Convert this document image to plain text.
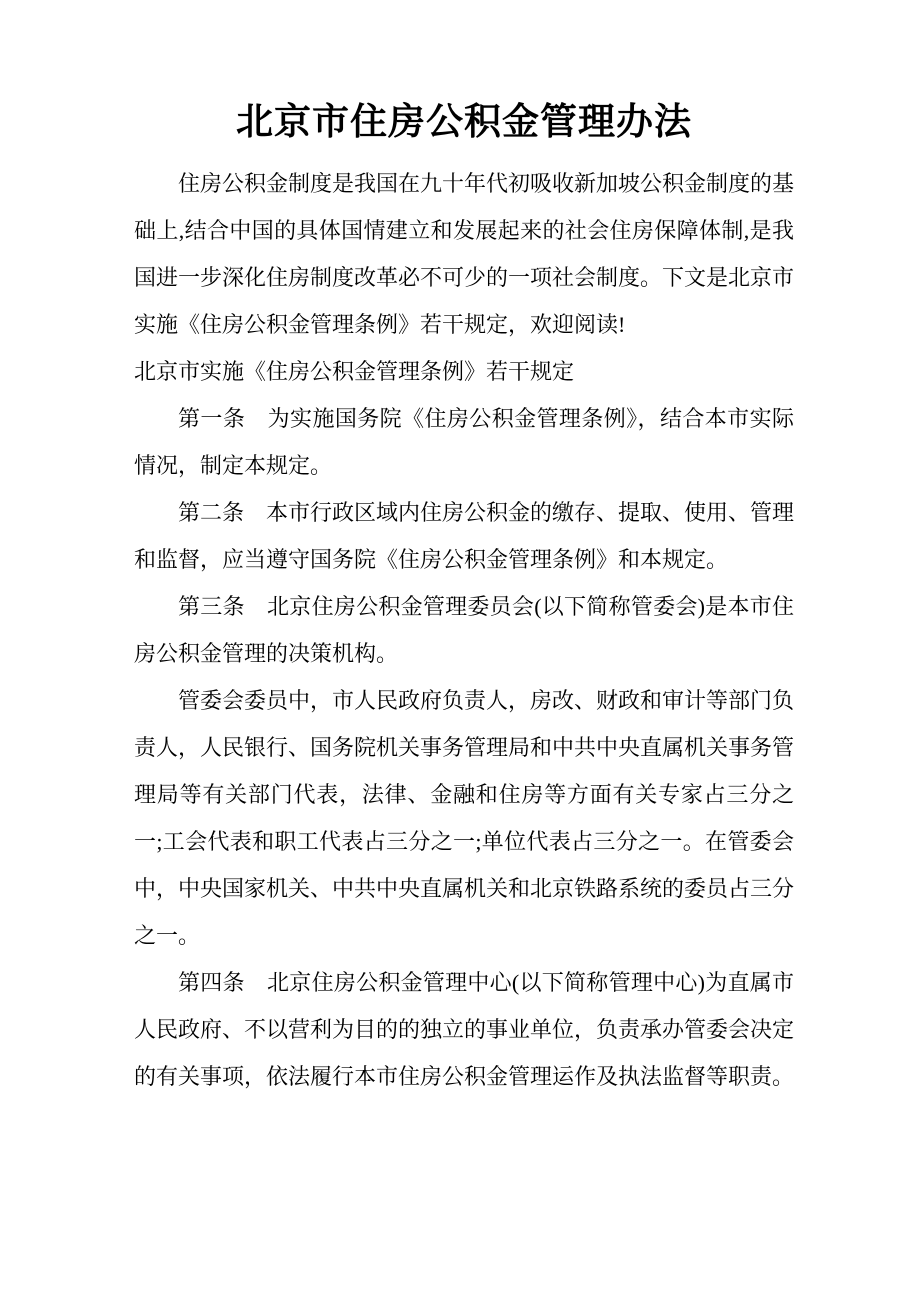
北京市住房公积金管理办法

住房公积金制度是我国在九十年代初吸收新加坡公积金制度的基础上,结合中国的具体国情建立和发展起来的社会住房保障体制,是我国进一步深化住房制度改革必不可少的一项社会制度。下文是北京市实施《住房公积金管理条例》若干规定，欢迎阅读!

北京市实施《住房公积金管理条例》若干规定

第一条　为实施国务院《住房公积金管理条例》，结合本市实际情况，制定本规定。

第二条　本市行政区域内住房公积金的缴存、提取、使用、管理和监督，应当遵守国务院《住房公积金管理条例》和本规定。

第三条　北京住房公积金管理委员会(以下简称管委会)是本市住房公积金管理的决策机构。

管委会委员中，市人民政府负责人，房改、财政和审计等部门负责人，人民银行、国务院机关事务管理局和中共中央直属机关事务管理局等有关部门代表，法律、金融和住房等方面有关专家占三分之一;工会代表和职工代表占三分之一;单位代表占三分之一。在管委会中，中央国家机关、中共中央直属机关和北京铁路系统的委员占三分之一。

第四条　北京住房公积金管理中心(以下简称管理中心)为直属市人民政府、不以营利为目的的独立的事业单位，负责承办管委会决定的有关事项，依法履行本市住房公积金管理运作及执法监督等职责。
